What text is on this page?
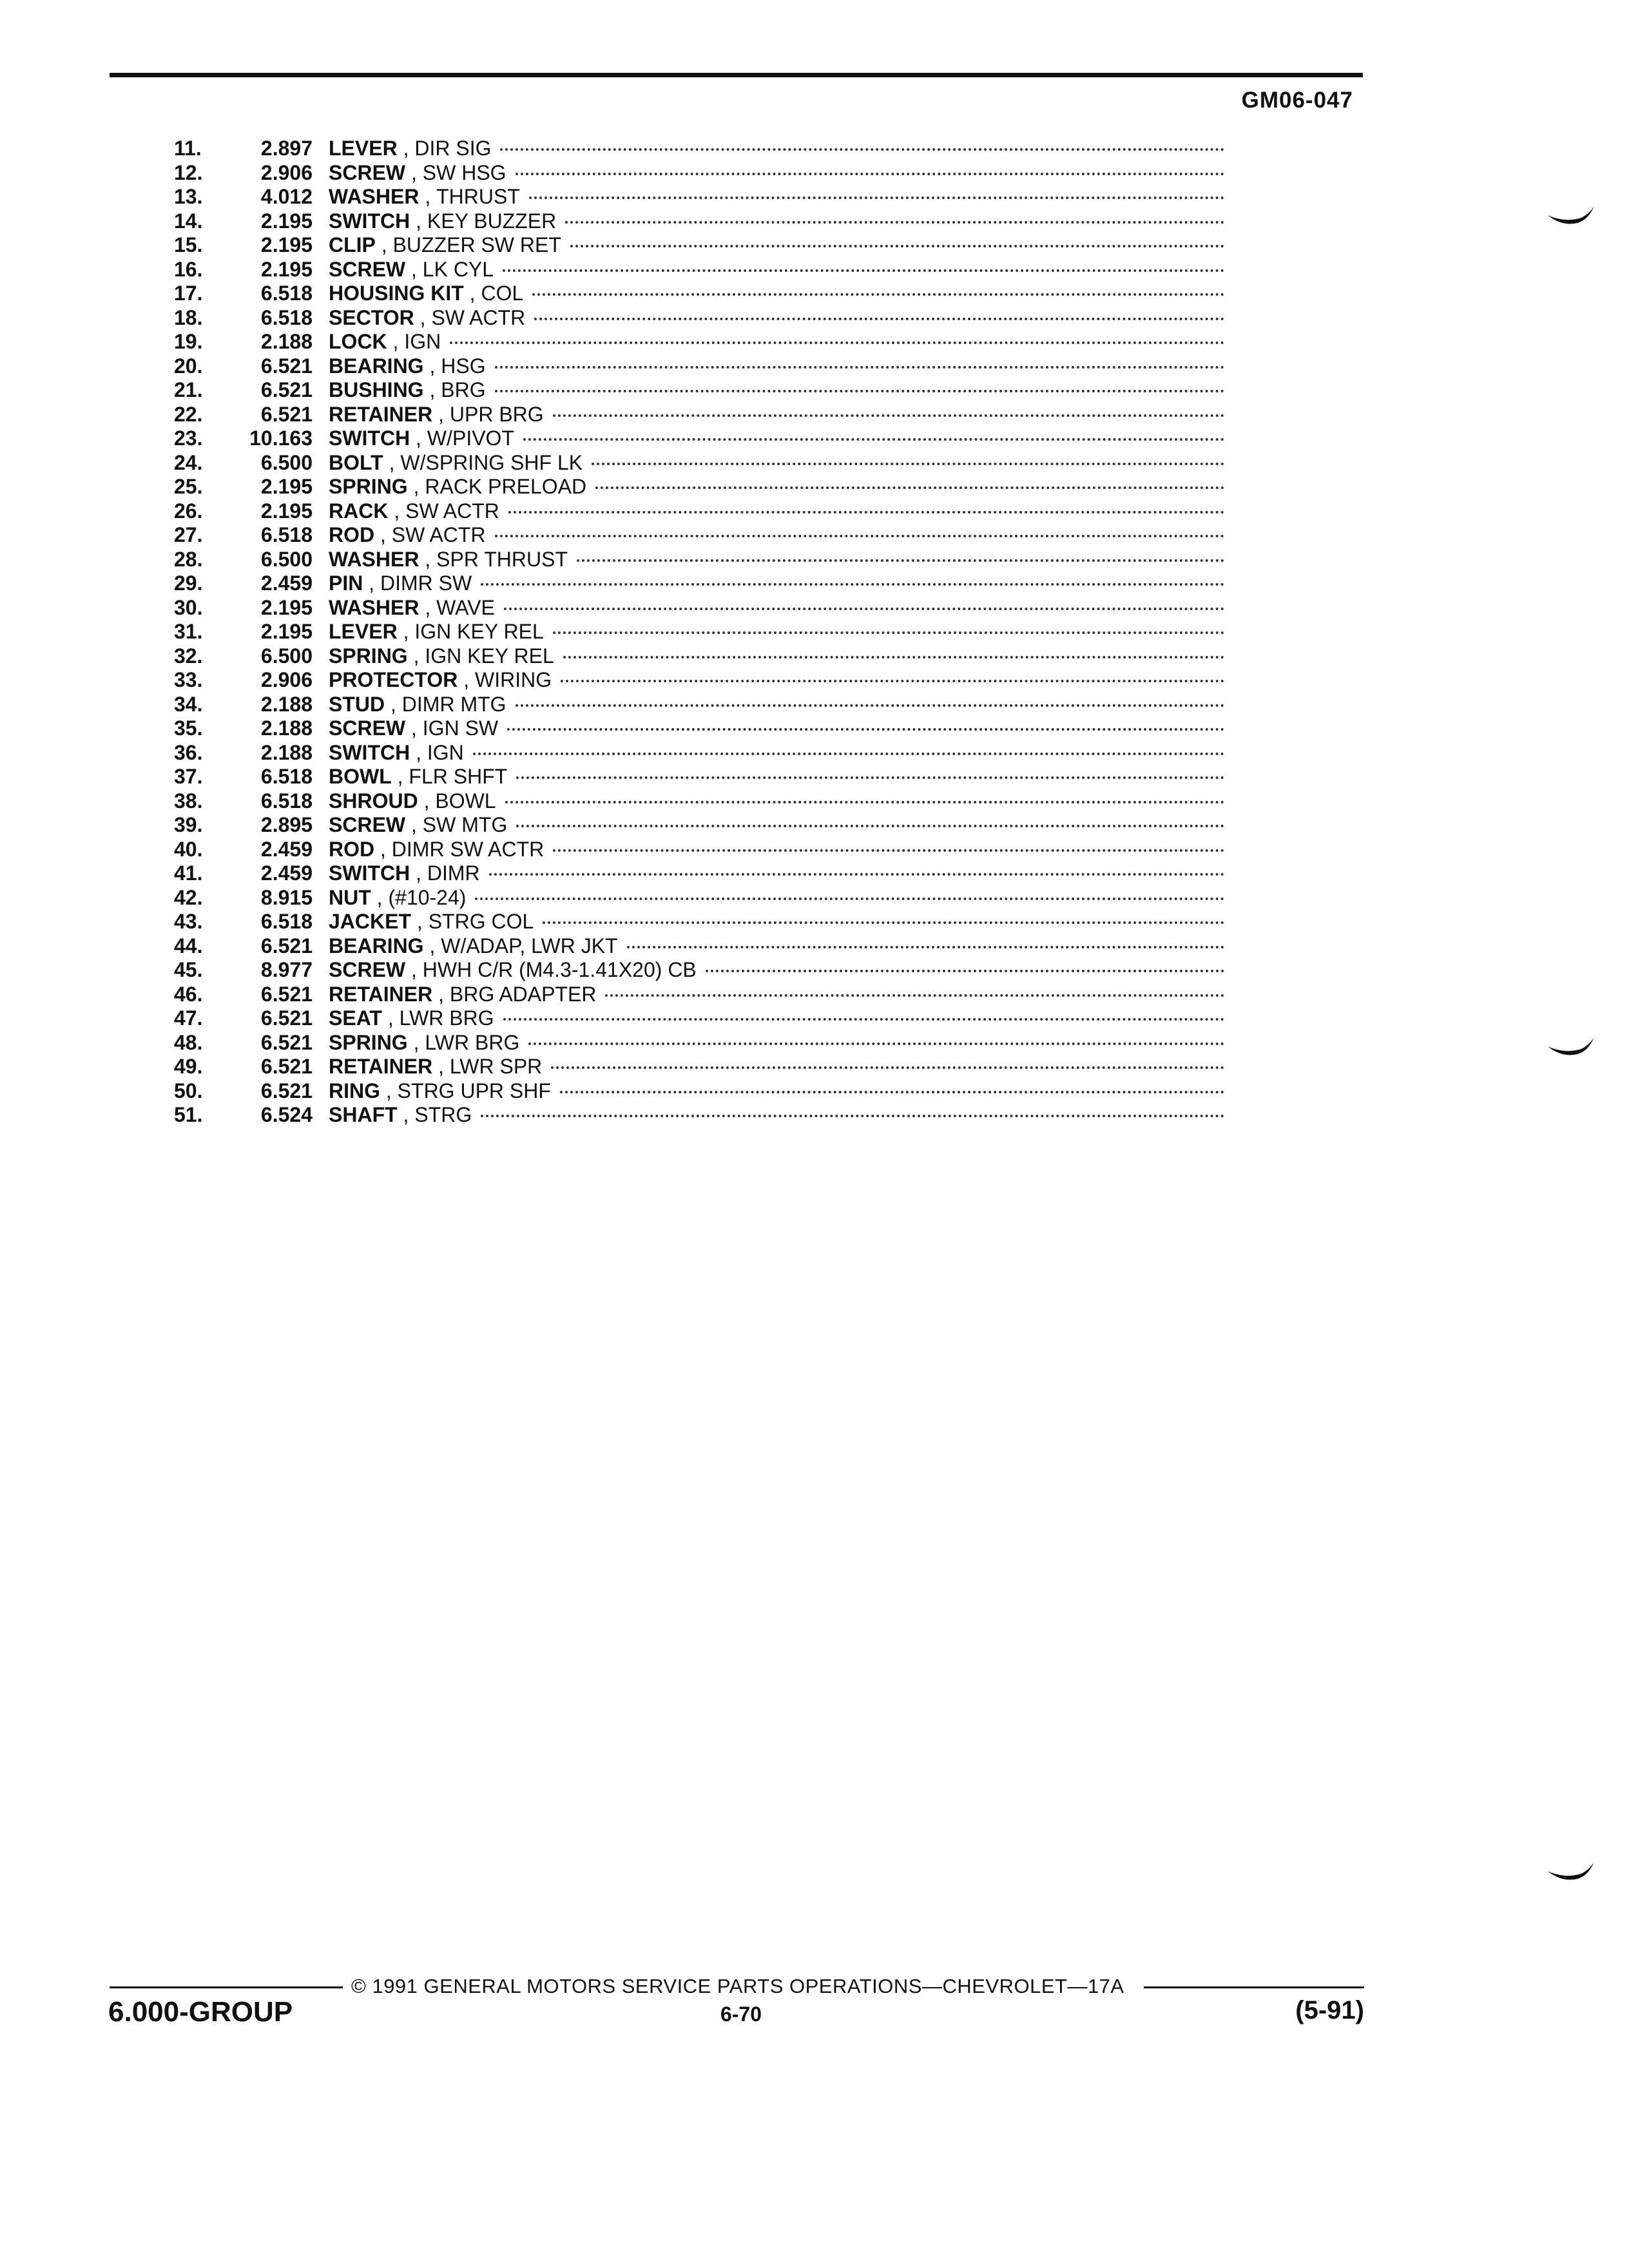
GM06-047
11.	2.897 LEVER , DIR SIG
12.	2.906 SCREW , SW HSG
13.	4.012 WASHER , THRUST
14.	2.195 SWITCH , KEY BUZZER
15.	2.195 CLIP , BUZZER SW RET
16.	2.195 SCREW , LK CYL
17.	6.518 HOUSING KIT , COL
18.	6.518 SECTOR , SW ACTR
19.	2.188 LOCK , IGN
20.	6.521 BEARING , HSG
21.	6.521 BUSHING , BRG
22.	6.521 RETAINER , UPR BRG
23.	10.163 SWITCH , W/PIVOT
24.	6.500 BOLT , W/SPRING SHF LK
25.	2.195 SPRING , RACK PRELOAD
26.	2.195 RACK , SW ACTR
27.	6.518 ROD , SW ACTR
28.	6.500 WASHER , SPR THRUST
29.	2.459 PIN , DIMR SW
30.	2.195 WASHER , WAVE
31.	2.195 LEVER , IGN KEY REL
32.	6.500 SPRING , IGN KEY REL
33.	2.906 PROTECTOR , WIRING
34.	2.188 STUD , DIMR MTG
35.	2.188 SCREW , IGN SW
36.	2.188 SWITCH , IGN
37.	6.518 BOWL , FLR SHFT
38.	6.518 SHROUD , BOWL
39.	2.895 SCREW , SW MTG
40.	2.459 ROD , DIMR SW ACTR
41.	2.459 SWITCH , DIMR
42.	8.915 NUT , (#10-24)
43.	6.518 JACKET , STRG COL
44.	6.521 BEARING , W/ADAP, LWR JKT
45.	8.977 SCREW , HWH C/R (M4.3-1.41X20) CB
46.	6.521 RETAINER , BRG ADAPTER
47.	6.521 SEAT , LWR BRG
48.	6.521 SPRING , LWR BRG
49.	6.521 RETAINER , LWR SPR
50.	6.521 RING , STRG UPR SHF
51.	6.524 SHAFT , STRG
© 1991 GENERAL MOTORS SERVICE PARTS OPERATIONS—CHEVROLET—17A
6.000-GROUP	6-70	(5-91)
